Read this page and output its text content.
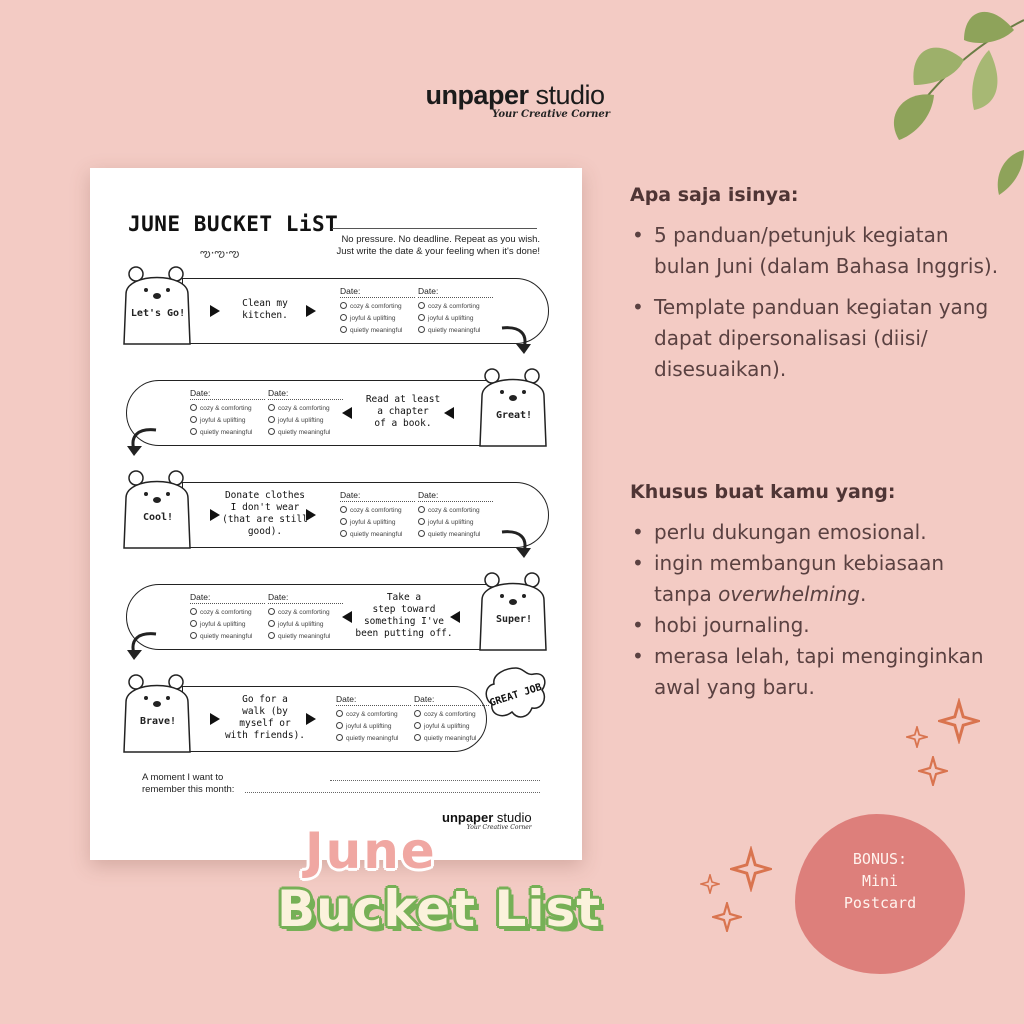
unpaper studio
Your Creative Corner
JUNE BUCKET LiST
ఌ·ఌ·ఌ
No pressure. No deadline. Repeat as you wish.
Just write the date & your feeling when it's done!
Let's Go!
Clean my
kitchen.
Date:
cozy & comforting
joyful & uplifting
quietly meaningful
Date:
cozy & comforting
joyful & uplifting
quietly meaningful
Great!
Date:
cozy & comforting
joyful & uplifting
quietly meaningful
Date:
cozy & comforting
joyful & uplifting
quietly meaningful
Read at least
a chapter
of a book.
Cool!
Donate clothes
I don't wear
(that are still
good).
Date:
cozy & comforting
joyful & uplifting
quietly meaningful
Date:
cozy & comforting
joyful & uplifting
quietly meaningful
Super!
Date:
cozy & comforting
joyful & uplifting
quietly meaningful
Date:
cozy & comforting
joyful & uplifting
quietly meaningful
Take a
step toward
something I've
been putting off.
Brave!
Go for a
walk (by
myself or
with friends).
Date:
cozy & comforting
joyful & uplifting
quietly meaningful
Date:
cozy & comforting
joyful & uplifting
quietly meaningful
GREAT JOB
A moment I want to
remember this month:
unpaper studio
Your Creative Corner
June
Bucket List
Apa saja isinya:
• 5 panduan/petunjuk kegiatan bulan Juni (dalam Bahasa Inggris).
• Template panduan kegiatan yang dapat dipersonalisasi (diisi/ disesuaikan).
Khusus buat kamu yang:
• perlu dukungan emosional.
• ingin membangun kebiasaan tanpa overwhelming.
• hobi journaling.
• merasa lelah, tapi menginginkan awal yang baru.
BONUS:
Mini
Postcard
